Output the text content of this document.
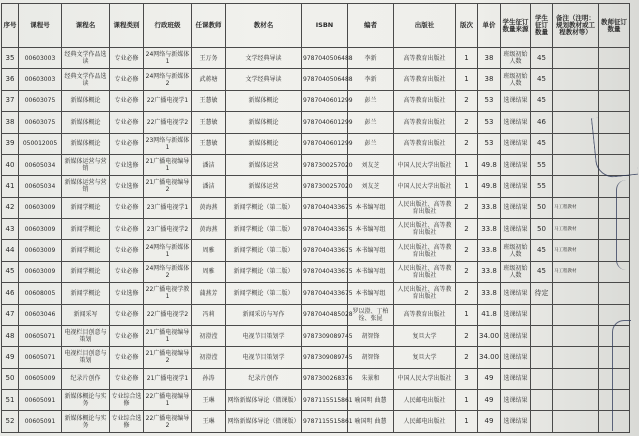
序号	课程号	课程名	课程类别	行政班级	任课教师	教材名	ISBN	编者	出版社	版次	单价	学生征订数量来源	学生征订数量	备注（注明：规划教材或工程教材等）	教师征订数量
35	00603003	经典文学作品选读	专业必修	24网络与新媒体1	王万务	文学经典导读	9787040506488	李新	高等教育出版社	1	38	班级初始人数	45		
36	00603003	经典文学作品选读	专业必修	24网络与新媒体2	武蒋塘	文学经典导读	9787040506488	李新	高等教育出版社	1	38	班级初始人数	45		
37	00603075	新媒体概论	专业必修	22广播电视学1	王慧敏	新媒体概论	9787040601299	彭兰	高等教育出版社	2	53	选课结果	45		
38	00603075	新媒体概论	专业必修	22广播电视学2	王慧敏	新媒体概论	9787040601299	彭兰	高等教育出版社	2	53	选课结果	46		
39	050012005	新媒体概论	专业必修	23网络与新媒体1	王慧敏	新媒体概论	9787040601299	彭兰	高等教育出版社	2	53	选课结果	45		
40	00605034	新媒体运营与营销	专业选修	21广播电视编导1	潘洁	新媒体运营	9787300257020	刘友芝	中国人民大学出版社	1	49.8	选课结果	55		
41	00605034	新媒体运营与营销	专业选修	21广播电视编导2	潘洁	新媒体运营	9787300257020	刘友芝	中国人民大学出版社	1	49.8	选课结果	55		
42	00603009	新闻学概论	专业必修	23广播电视学1	黄海燕	新闻学概论（第二版）	9787040433675	本书编写组	人民出版社、高等教育出版社	2	33.8	选课结果	50	马工程教材	
43	00603009	新闻学概论	专业必修	23广播电视学2	黄海燕	新闻学概论（第二版）	9787040433675	本书编写组	人民出版社、高等教育出版社	2	33.8	选课结果	50	马工程教材	
44	00603009	新闻学概论	专业必修	24网络与新媒体1	周雅	新闻学概论（第二版）	9787040433675	本书编写组	人民出版社、高等教育出版社	2	33.8	班级初始人数	45	马工程教材	
45	00603009	新闻学概论	专业必修	24网络与新媒体2	周雅	新闻学概论（第二版）	9787040433675	本书编写组	人民出版社、高等教育出版社	2	33.8	班级初始人数	45	马工程教材	
46	00608005	新闻学概论	专业选修	22广播电视学教1	蒲燕芳	新闻学概论（第二版）	9787040433675	本书编写组	人民出版社、高等教育出版社	2	33.8	选课结果	待定		
47	00603046	新闻采写	专业必修	22广播电视学2	冯莉	新闻采访与写作	9787040485028	罗以澄、丁柏铨、张昆	高等教育出版社	1	41.8	选课结果			
48	00605071	电视栏目创意与策划	专业必修	21广播电视编导1	初澄滢	电视节目策划学	9787309089745	胡智锋	复旦大学	2	34.00	选课结果			
49	00605071	电视栏目创意与策划	专业必修	21广播电视编导2	初澄滢	电视节目策划学	9787309089745	胡智锋	复旦大学	2	34.00	选课结果			
50	00605009	纪录片创作	专业必修	21广播电视学1	孙涛	纪录片创作	9787300268376	朱景和	中国人民大学出版社	3	49	选课结果			
51	00605091	新媒体概论与实务	专业综合选修	22广播电视编导1	王琳	网络新媒体导论（微课版）	9787115515861	喻国明 曲慧	人民邮电出版社	1	49	选课结果			
52	00605091	新媒体概论与实务	专业综合选修	22广播电视编导2	王琳	网络新媒体导论（微课版）	9787115515861	喻国明 曲慧	人民邮电出版社	1	49	选课结果			
